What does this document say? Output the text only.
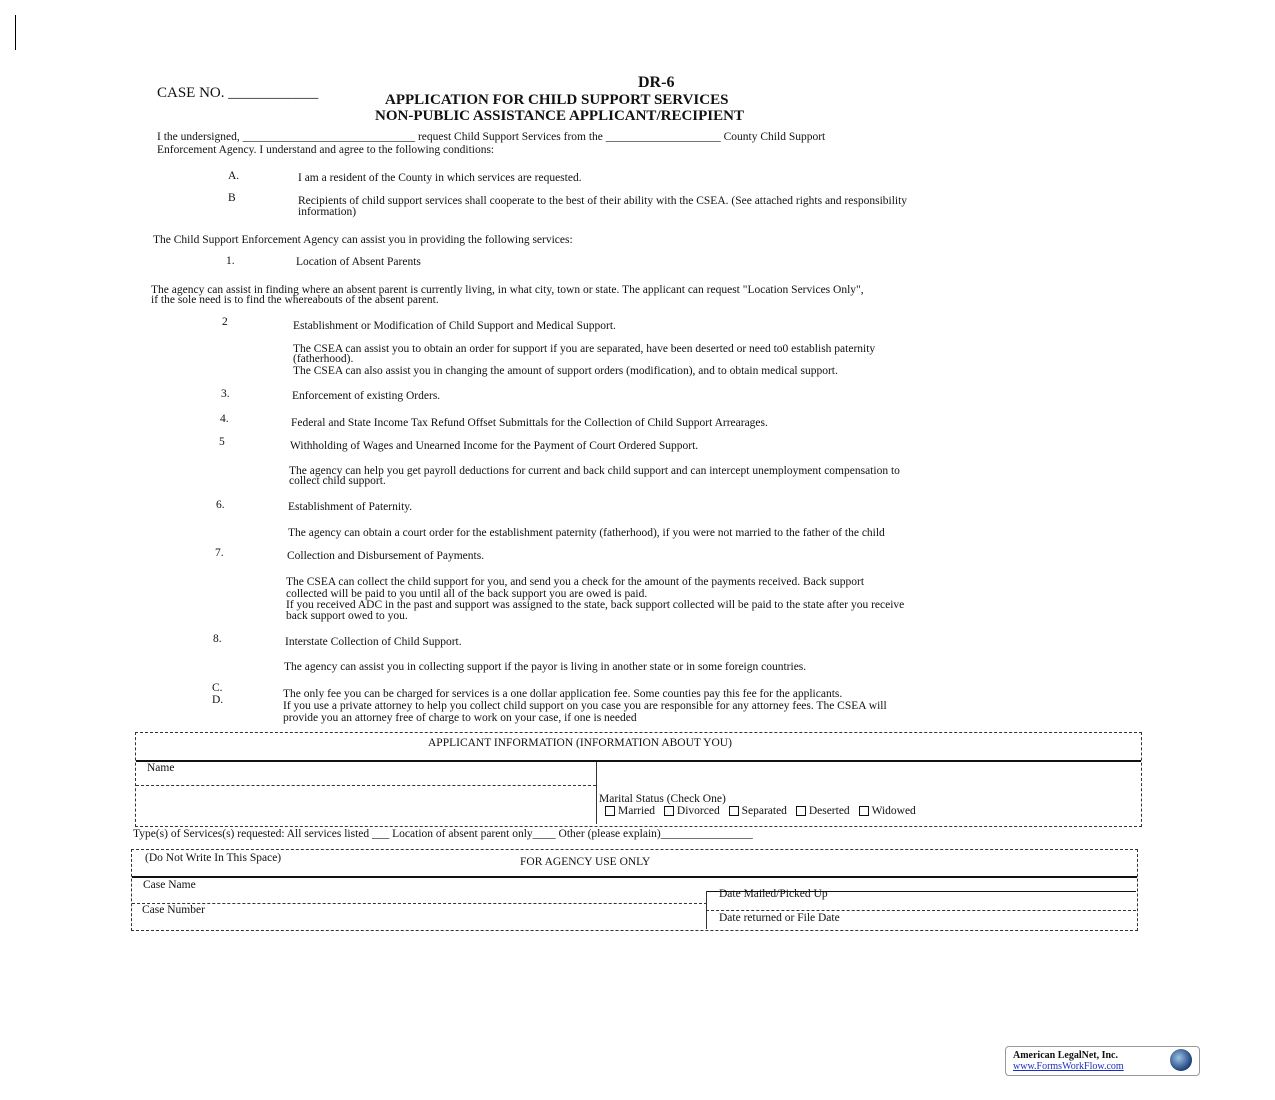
DR-6
CASE NO. ____________	APPLICATION FOR CHILD SUPPORT SERVICES
NON-PUBLIC ASSISTANCE APPLICANT/RECIPIENT
I the undersigned, ______________________________ request Child Support Services from the ____________________ County Child Support
Enforcement Agency. I understand and agree to the following conditions:
A.	I am a resident of the County in which services are requested.
B	Recipients of child support services shall cooperate to the best of their ability with the CSEA. (See attached rights and responsibility
information)
The Child Support Enforcement Agency can assist you in providing the following services:
1.	Location of Absent Parents
The agency can assist in finding where an absent parent is currently living, in what city, town or state. The applicant can request "Location Services Only",
if the sole need is to find the whereabouts of the absent parent.
2	Establishment or Modification of Child Support and Medical Support.
The CSEA can assist you to obtain an order for support if you are separated, have been deserted or need to0 establish paternity
(fatherhood).
The CSEA can also assist you in changing the amount of support orders (modification), and to obtain medical support.
3.	Enforcement of existing Orders.
4.	Federal and State Income Tax Refund Offset Submittals for the Collection of Child Support Arrearages.
5	Withholding of Wages and Unearned Income for the Payment of Court Ordered Support.
The agency can help you get payroll deductions for current and back child support and can intercept unemployment compensation to
collect child support.
6.	Establishment of Paternity.
The agency can obtain a court order for the establishment paternity (fatherhood), if you were not married to the father of the child
7.	Collection and Disbursement of Payments.
The CSEA can collect the child support for you, and send you a check for the amount of the payments received. Back support
collected will be paid to you until all of the back support you are owed is paid.
If you received ADC in the past and support was assigned to the state, back support collected will be paid to the state after you receive
back support owed to you.
8.	Interstate Collection of Child Support.
The agency can assist you in collecting support if the payor is living in another state or in some foreign countries.
C.	The only fee you can be charged for services is a one dollar application fee. Some counties pay this fee for the applicants.
D.	If you use a private attorney to help you collect child support on you case you are responsible for any attorney fees. The CSEA will
provide you an attorney free of charge to work on your case, if one is needed
APPLICANT INFORMATION (INFORMATION ABOUT YOU)
Name
Marital Status (Check One)
Married Divorced Separated Deserted Widowed
Type(s) of Services(s) requested: All services listed ___ Location of absent parent only____ Other (please explain)________________
(Do Not Write In This Space)	FOR AGENCY USE ONLY
Case Name
Date Mailed/Picked Up
Case Number
Date returned or File Date
American LegalNet, Inc.
www.FormsWorkFlow.com
